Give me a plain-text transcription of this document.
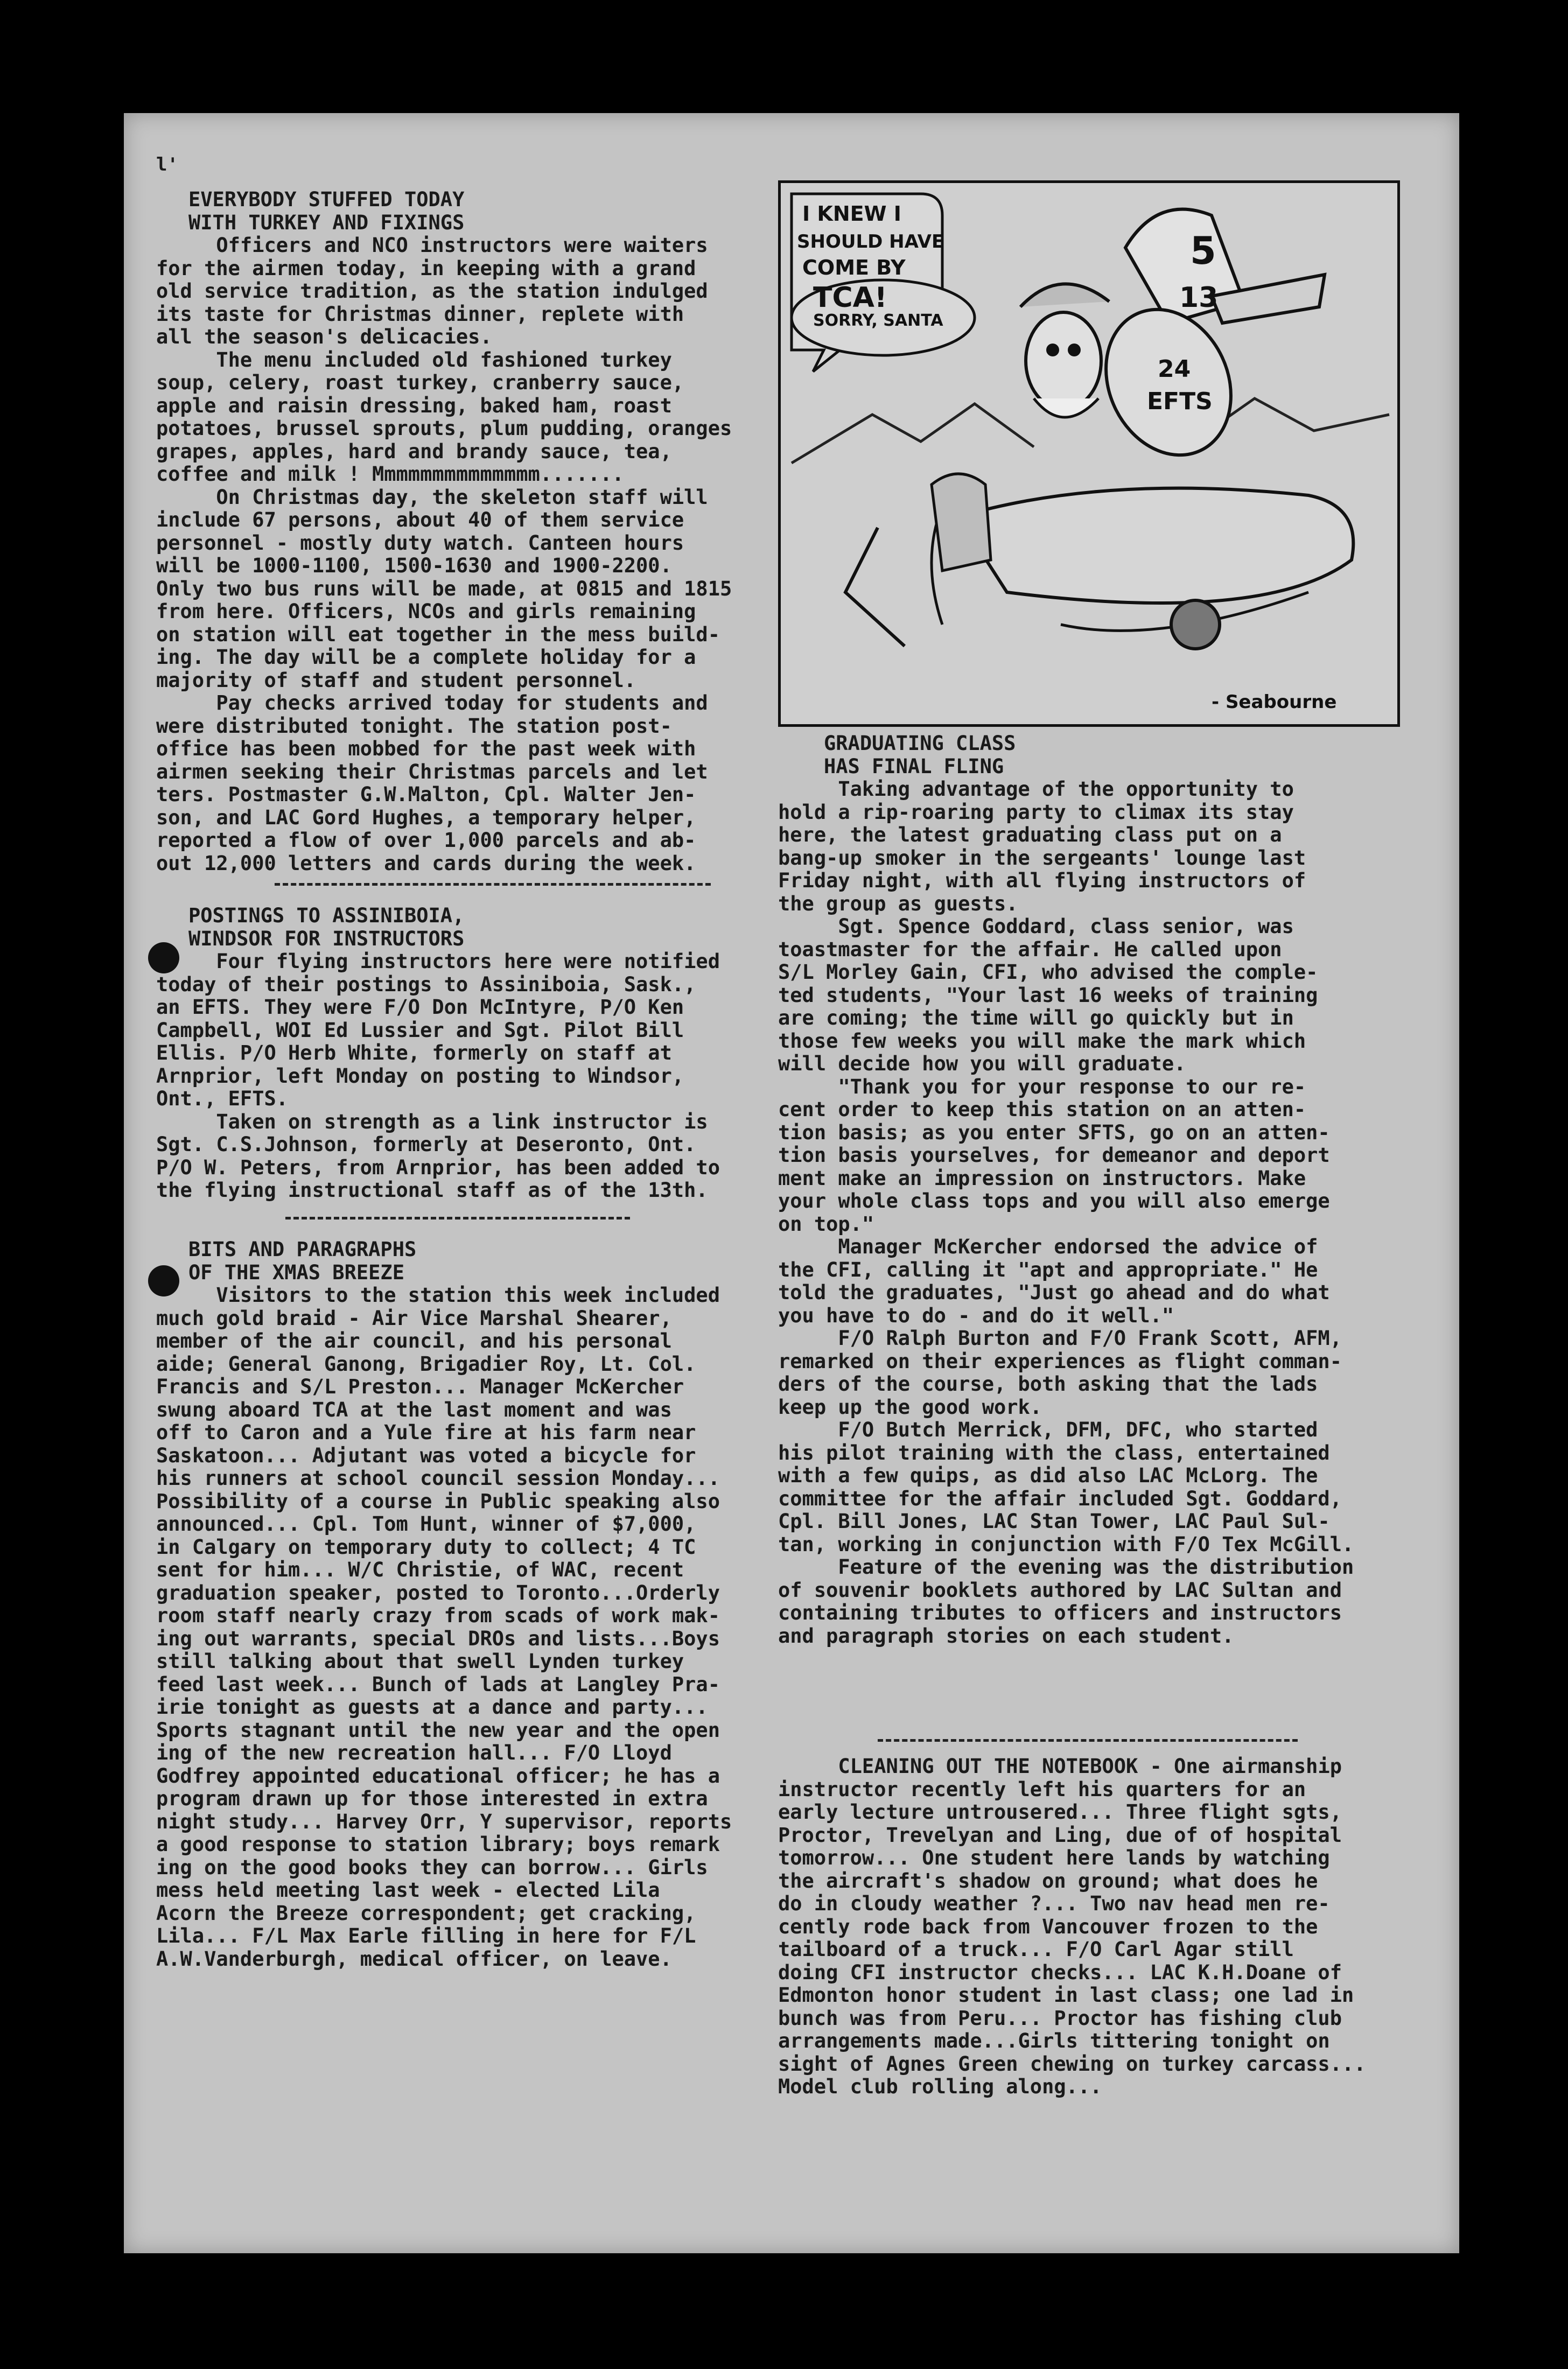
l'
EVERYBODY STUFFED TODAY
WITH TURKEY AND FIXINGS
Officers and NCO instructors were waiters
for the airmen today, in keeping with a grand
old service tradition, as the station indulged
its taste for Christmas dinner, replete with
all the season's delicacies.
The menu included old fashioned turkey
soup, celery, roast turkey, cranberry sauce,
apple and raisin dressing, baked ham, roast
potatoes, brussel sprouts, plum pudding, oranges
grapes, apples, hard and brandy sauce, tea,
coffee and milk ! Mmmmmmmmmmmmmm.......
On Christmas day, the skeleton staff will
include 67 persons, about 40 of them service
personnel - mostly duty watch. Canteen hours
will be 1000-1100, 1500-1630 and 1900-2200.
Only two bus runs will be made, at 0815 and 1815
from here. Officers, NCOs and girls remaining
on station will eat together in the mess build-
ing. The day will be a complete holiday for a
majority of staff and student personnel.
Pay checks arrived today for students and
were distributed tonight. The station post-
office has been mobbed for the past week with
airmen seeking their Christmas parcels and let
ters. Postmaster G.W.Malton, Cpl. Walter Jen-
son, and LAC Gord Hughes, a temporary helper,
reported a flow of over 1,000 parcels and ab-
out 12,000 letters and cards during the week.
POSTINGS TO ASSINIBOIA,
WINDSOR FOR INSTRUCTORS
Four flying instructors here were notified
today of their postings to Assiniboia, Sask.,
an EFTS. They were F/O Don McIntyre, P/O Ken
Campbell, WOI Ed Lussier and Sgt. Pilot Bill
Ellis. P/O Herb White, formerly on staff at
Arnprior, left Monday on posting to Windsor,
Ont., EFTS.
Taken on strength as a link instructor is
Sgt. C.S.Johnson, formerly at Deseronto, Ont.
P/O W. Peters, from Arnprior, has been added to
the flying instructional staff as of the 13th.
BITS AND PARAGRAPHS
OF THE XMAS BREEZE
Visitors to the station this week included
much gold braid - Air Vice Marshal Shearer,
member of the air council, and his personal
aide; General Ganong, Brigadier Roy, Lt. Col.
Francis and S/L Preston... Manager McKercher
swung aboard TCA at the last moment and was
off to Caron and a Yule fire at his farm near
Saskatoon... Adjutant was voted a bicycle for
his runners at school council session Monday...
Possibility of a course in Public speaking also
announced... Cpl. Tom Hunt, winner of $7,000,
in Calgary on temporary duty to collect; 4 TC
sent for him... W/C Christie, of WAC, recent
graduation speaker, posted to Toronto...Orderly
room staff nearly crazy from scads of work mak-
ing out warrants, special DROs and lists...Boys
still talking about that swell Lynden turkey
feed last week... Bunch of lads at Langley Pra-
irie tonight as guests at a dance and party...
Sports stagnant until the new year and the open
ing of the new recreation hall... F/O Lloyd
Godfrey appointed educational officer; he has a
program drawn up for those interested in extra
night study... Harvey Orr, Y supervisor, reports
a good response to station library; boys remark
ing on the good books they can borrow... Girls
mess held meeting last week - elected Lila
Acorn the Breeze correspondent; get cracking,
Lila... F/L Max Earle filling in here for F/L
A.W.Vanderburgh, medical officer, on leave.
I KNEW I
SHOULD HAVE
COME BY
TCA!
SORRY, SANTA
5
13
24
EFTS
- Seabourne
GRADUATING CLASS
HAS FINAL FLING
Taking advantage of the opportunity to
hold a rip-roaring party to climax its stay
here, the latest graduating class put on a
bang-up smoker in the sergeants' lounge last
Friday night, with all flying instructors of
the group as guests.
Sgt. Spence Goddard, class senior, was
toastmaster for the affair. He called upon
S/L Morley Gain, CFI, who advised the comple-
ted students, "Your last 16 weeks of training
are coming; the time will go quickly but in
those few weeks you will make the mark which
will decide how you will graduate.
"Thank you for your response to our re-
cent order to keep this station on an atten-
tion basis; as you enter SFTS, go on an atten-
tion basis yourselves, for demeanor and deport
ment make an impression on instructors. Make
your whole class tops and you will also emerge
on top."
Manager McKercher endorsed the advice of
the CFI, calling it "apt and appropriate." He
told the graduates, "Just go ahead and do what
you have to do - and do it well."
F/O Ralph Burton and F/O Frank Scott, AFM,
remarked on their experiences as flight comman-
ders of the course, both asking that the lads
keep up the good work.
F/O Butch Merrick, DFM, DFC, who started
his pilot training with the class, entertained
with a few quips, as did also LAC McLorg. The
committee for the affair included Sgt. Goddard,
Cpl. Bill Jones, LAC Stan Tower, LAC Paul Sul-
tan, working in conjunction with F/O Tex McGill.
Feature of the evening was the distribution
of souvenir booklets authored by LAC Sultan and
containing tributes to officers and instructors
and paragraph stories on each student.
CLEANING OUT THE NOTEBOOK - One airmanship
instructor recently left his quarters for an
early lecture untrousered... Three flight sgts,
Proctor, Trevelyan and Ling, due of of hospital
tomorrow... One student here lands by watching
the aircraft's shadow on ground; what does he
do in cloudy weather ?... Two nav head men re-
cently rode back from Vancouver frozen to the
tailboard of a truck... F/O Carl Agar still
doing CFI instructor checks... LAC K.H.Doane of
Edmonton honor student in last class; one lad in
bunch was from Peru... Proctor has fishing club
arrangements made...Girls tittering tonight on
sight of Agnes Green chewing on turkey carcass...
Model club rolling along...
